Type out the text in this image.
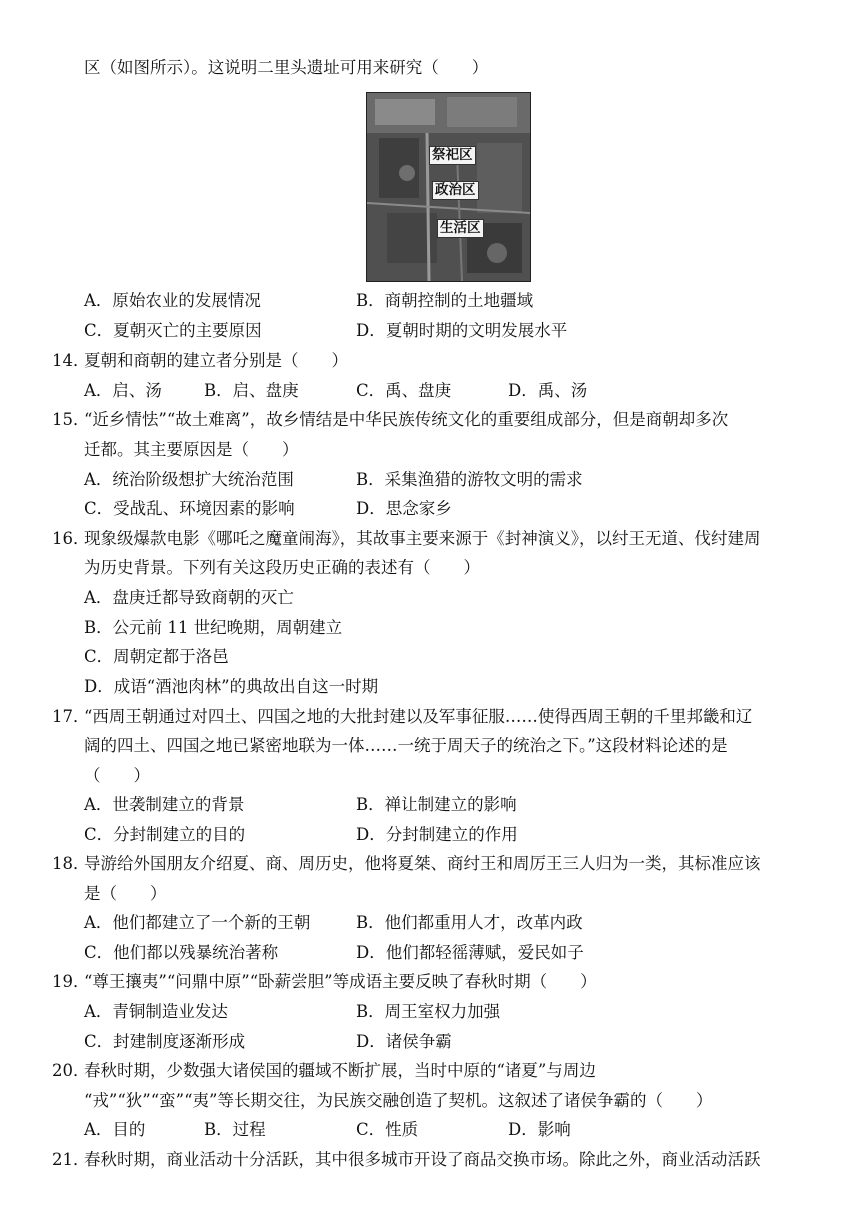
区（如图所示）。这说明二里头遗址可用来研究（　　）
祭祀区
政治区
生活区
A．原始农业的发展情况	B．商朝控制的土地疆域
C．夏朝灭亡的主要原因	D．夏朝时期的文明发展水平
14．
夏朝和商朝的建立者分别是（　　）
A．启、汤	B．启、盘庚	C．禹、盘庚	D．禹、汤
15．
“近乡情怯”“故土难离”，故乡情结是中华民族传统文化的重要组成部分，但是商朝却多次
迁都。其主要原因是（　　）
A．统治阶级想扩大统治范围	B．采集渔猎的游牧文明的需求
C．受战乱、环境因素的影响	D．思念家乡
16．
现象级爆款电影《哪吒之魔童闹海》，其故事主要来源于《封神演义》，以纣王无道、伐纣建周
为历史背景。下列有关这段历史正确的表述有（　　）
A．盘庚迁都导致商朝的灭亡
B．公元前 11 世纪晚期，周朝建立
C．周朝定都于洛邑
D．成语“酒池肉林”的典故出自这一时期
17．
“西周王朝通过对四土、四国之地的大批封建以及军事征服……使得西周王朝的千里邦畿和辽
阔的四土、四国之地已紧密地联为一体……一统于周天子的统治之下。”这段材料论述的是
（　　）
A．世袭制建立的背景	B．禅让制建立的影响
C．分封制建立的目的	D．分封制建立的作用
18．
导游给外国朋友介绍夏、商、周历史，他将夏桀、商纣王和周厉王三人归为一类，其标准应该
是（　　）
A．他们都建立了一个新的王朝	B．他们都重用人才，改革内政
C．他们都以残暴统治著称	D．他们都轻徭薄赋，爱民如子
19．
“尊王攘夷”“问鼎中原”“卧薪尝胆”等成语主要反映了春秋时期（　　）
A．青铜制造业发达	B．周王室权力加强
C．封建制度逐渐形成	D．诸侯争霸
20．
春秋时期，少数强大诸侯国的疆域不断扩展，当时中原的“诸夏”与周边
“戎”“狄”“蛮”“夷”等长期交往，为民族交融创造了契机。这叙述了诸侯争霸的（　　）
A．目的	B．过程	C．性质	D．影响
21．
春秋时期，商业活动十分活跃，其中很多城市开设了商品交换市场。除此之外，商业活动活跃
